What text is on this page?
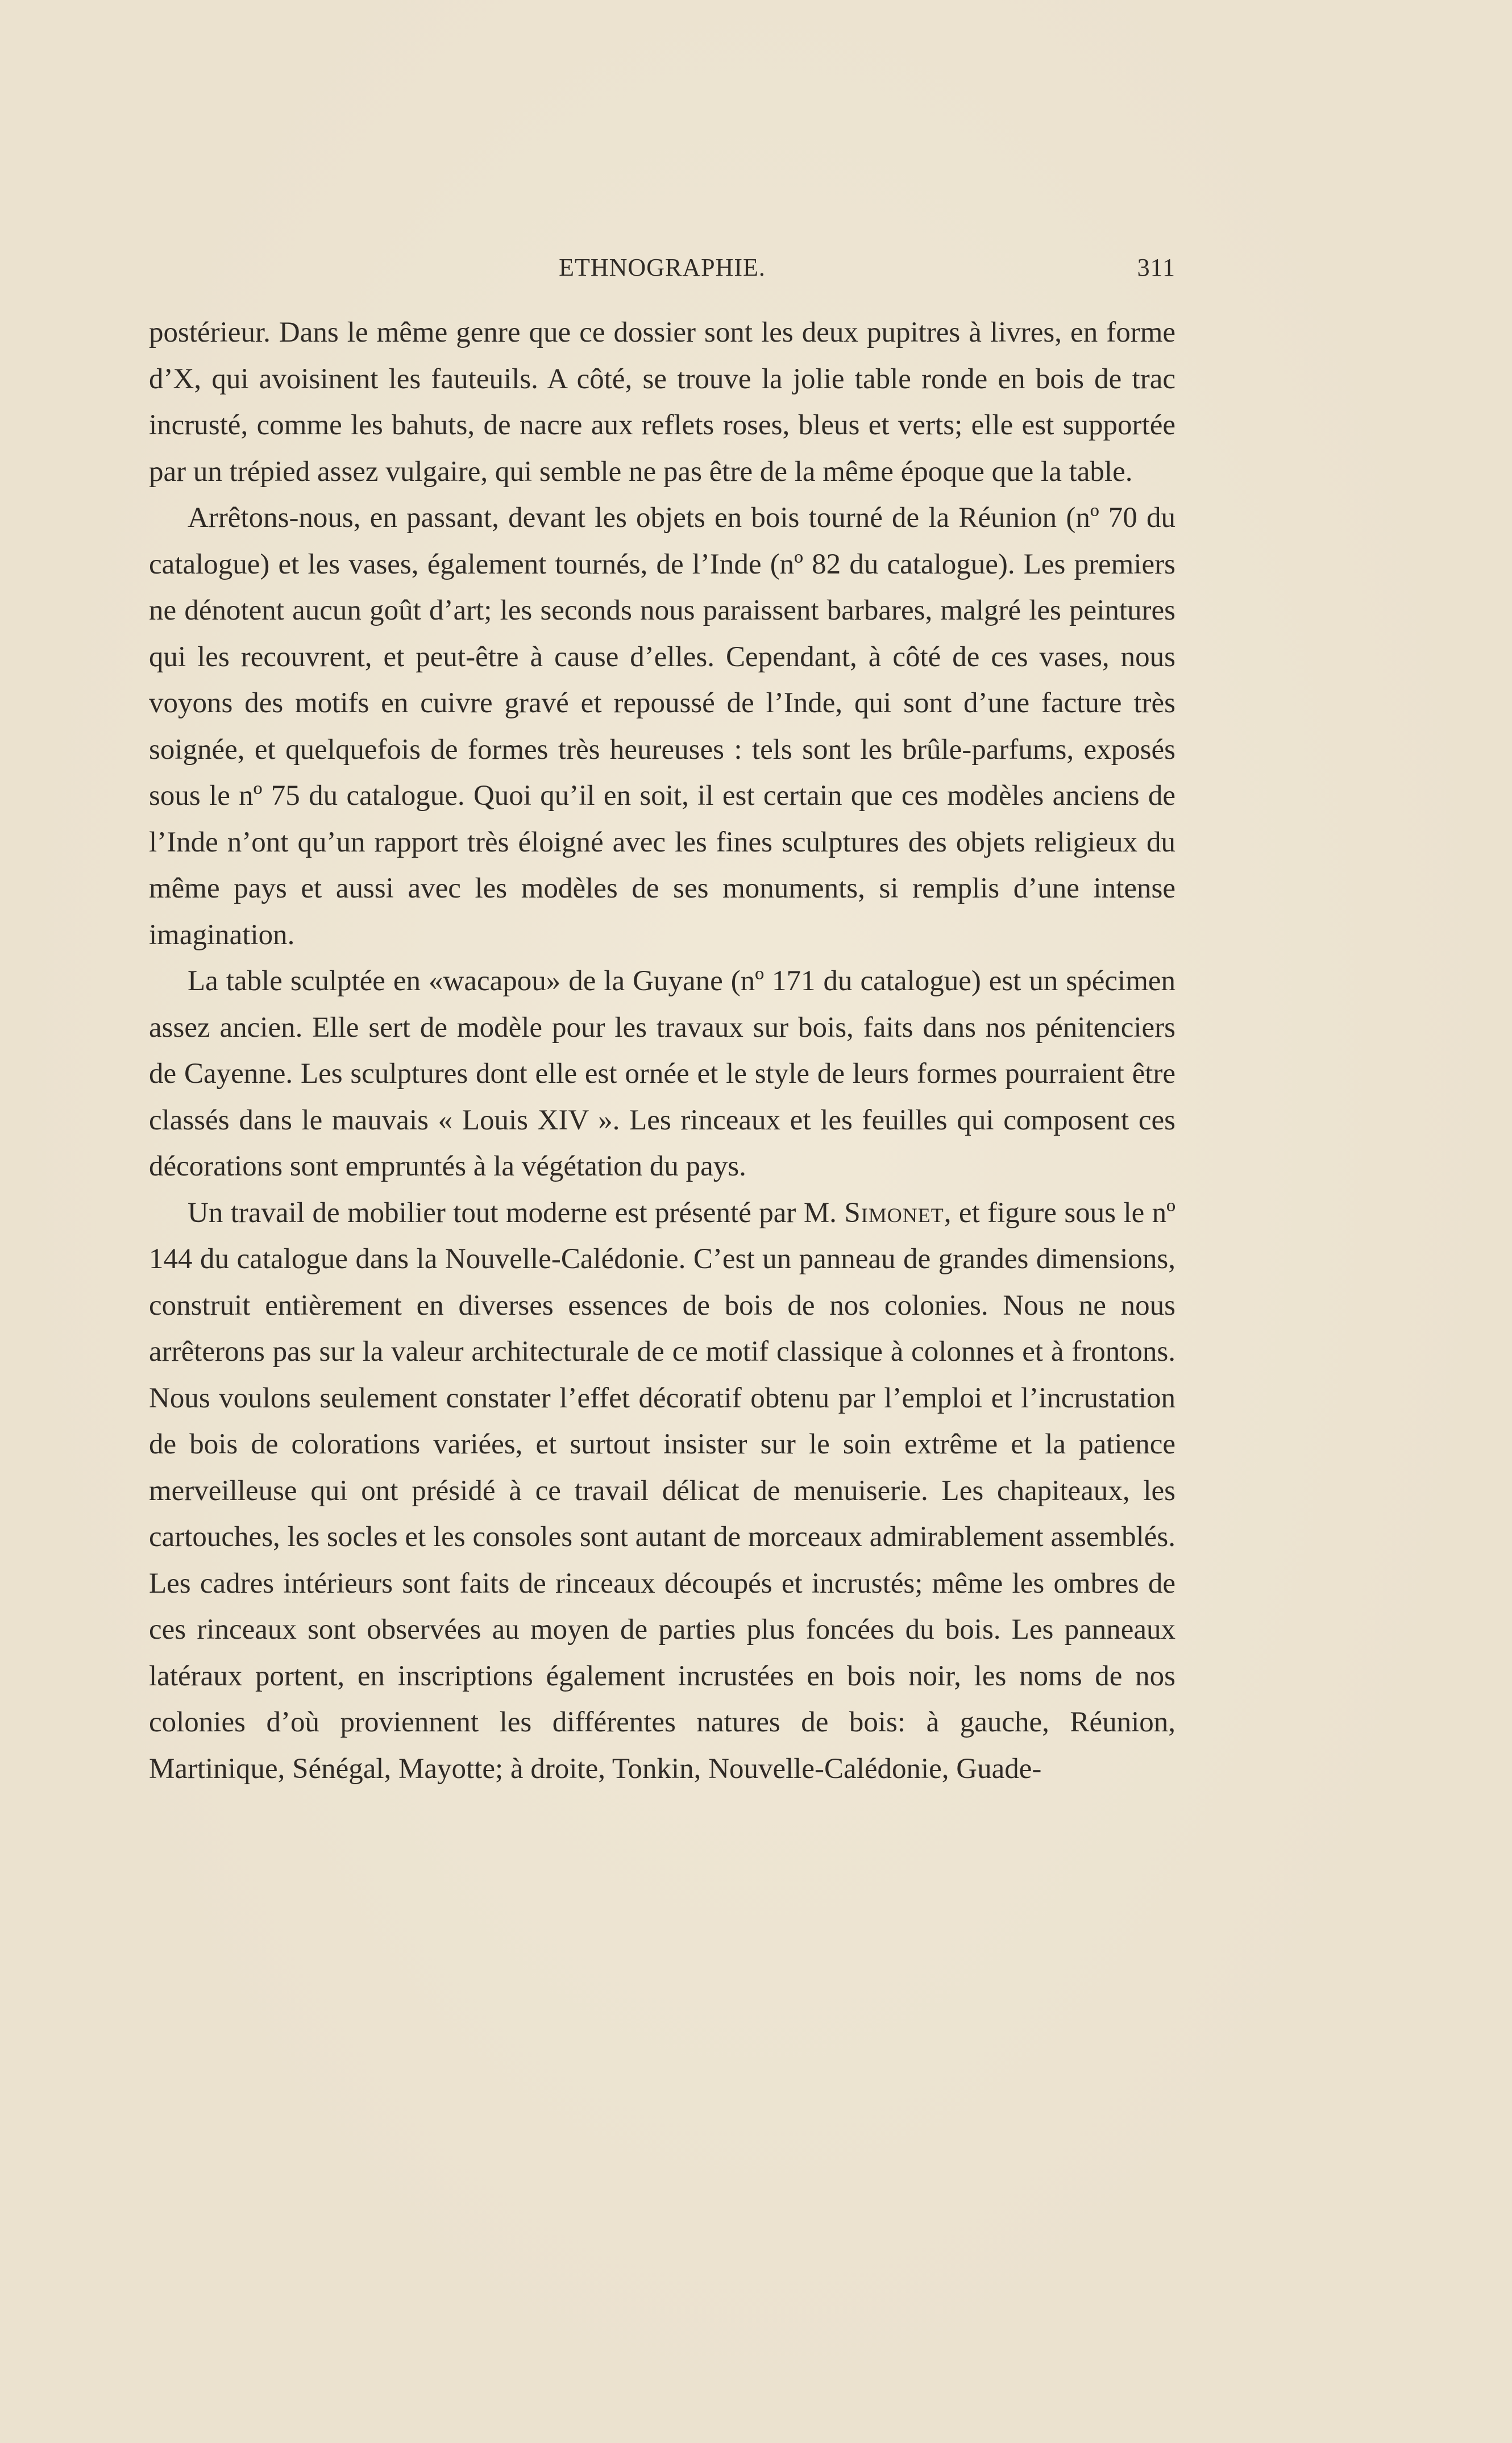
ETHNOGRAPHIE.	311

postérieur. Dans le même genre que ce dossier sont les deux pupitres à livres, en forme d’X, qui avoisinent les fauteuils. A côté, se trouve la jolie table ronde en bois de trac incrusté, comme les bahuts, de nacre aux reflets roses, bleus et verts; elle est supportée par un trépied assez vulgaire, qui semble ne pas être de la même époque que la table.

Arrêtons-nous, en passant, devant les objets en bois tourné de la Réunion (nº 70 du catalogue) et les vases, également tournés, de l’Inde (nº 82 du catalogue). Les premiers ne dénotent aucun goût d’art; les seconds nous paraissent barbares, malgré les peintures qui les recouvrent, et peut-être à cause d’elles. Cependant, à côté de ces vases, nous voyons des motifs en cuivre gravé et repoussé de l’Inde, qui sont d’une facture très soignée, et quelquefois de formes très heureuses : tels sont les brûle-parfums, exposés sous le nº 75 du catalogue. Quoi qu’il en soit, il est certain que ces modèles anciens de l’Inde n’ont qu’un rapport très éloigné avec les fines sculptures des objets religieux du même pays et aussi avec les modèles de ses monuments, si remplis d’une intense imagination.

La table sculptée en «wacapou» de la Guyane (nº 171 du catalogue) est un spécimen assez ancien. Elle sert de modèle pour les travaux sur bois, faits dans nos pénitenciers de Cayenne. Les sculptures dont elle est ornée et le style de leurs formes pourraient être classés dans le mauvais « Louis XIV ». Les rinceaux et les feuilles qui composent ces décorations sont empruntés à la végétation du pays.

Un travail de mobilier tout moderne est présenté par M. Simonet, et figure sous le nº 144 du catalogue dans la Nouvelle-Calédonie. C’est un panneau de grandes dimensions, construit entièrement en diverses essences de bois de nos colonies. Nous ne nous arrêterons pas sur la valeur architecturale de ce motif classique à colonnes et à frontons. Nous voulons seulement constater l’effet décoratif obtenu par l’emploi et l’incrustation de bois de colorations variées, et surtout insister sur le soin extrême et la patience merveilleuse qui ont présidé à ce travail délicat de menuiserie. Les chapiteaux, les cartouches, les socles et les consoles sont autant de morceaux admirablement assemblés. Les cadres intérieurs sont faits de rinceaux découpés et incrustés; même les ombres de ces rinceaux sont observées au moyen de parties plus foncées du bois. Les panneaux latéraux portent, en inscriptions également incrustées en bois noir, les noms de nos colonies d’où proviennent les différentes natures de bois: à gauche, Réunion, Martinique, Sénégal, Mayotte; à droite, Tonkin, Nouvelle-Calédonie, Guade-
